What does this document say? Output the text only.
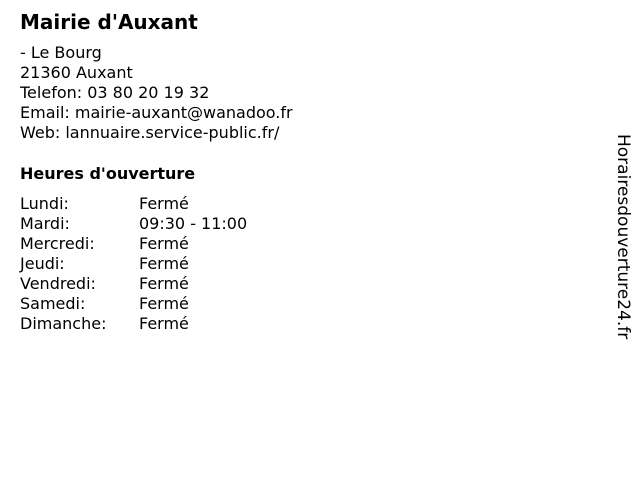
Mairie d'Auxant
- Le Bourg
21360 Auxant
Telefon: 03 80 20 19 32
Email: mairie-auxant@wanadoo.fr
Web: lannuaire.service-public.fr/
Heures d'ouverture
Lundi:	Fermé
Mardi:	09:30 - 11:00
Mercredi:	Fermé
Jeudi:	Fermé
Vendredi:	Fermé
Samedi:	Fermé
Dimanche: Fermé	Horairesdouverture24.fr
